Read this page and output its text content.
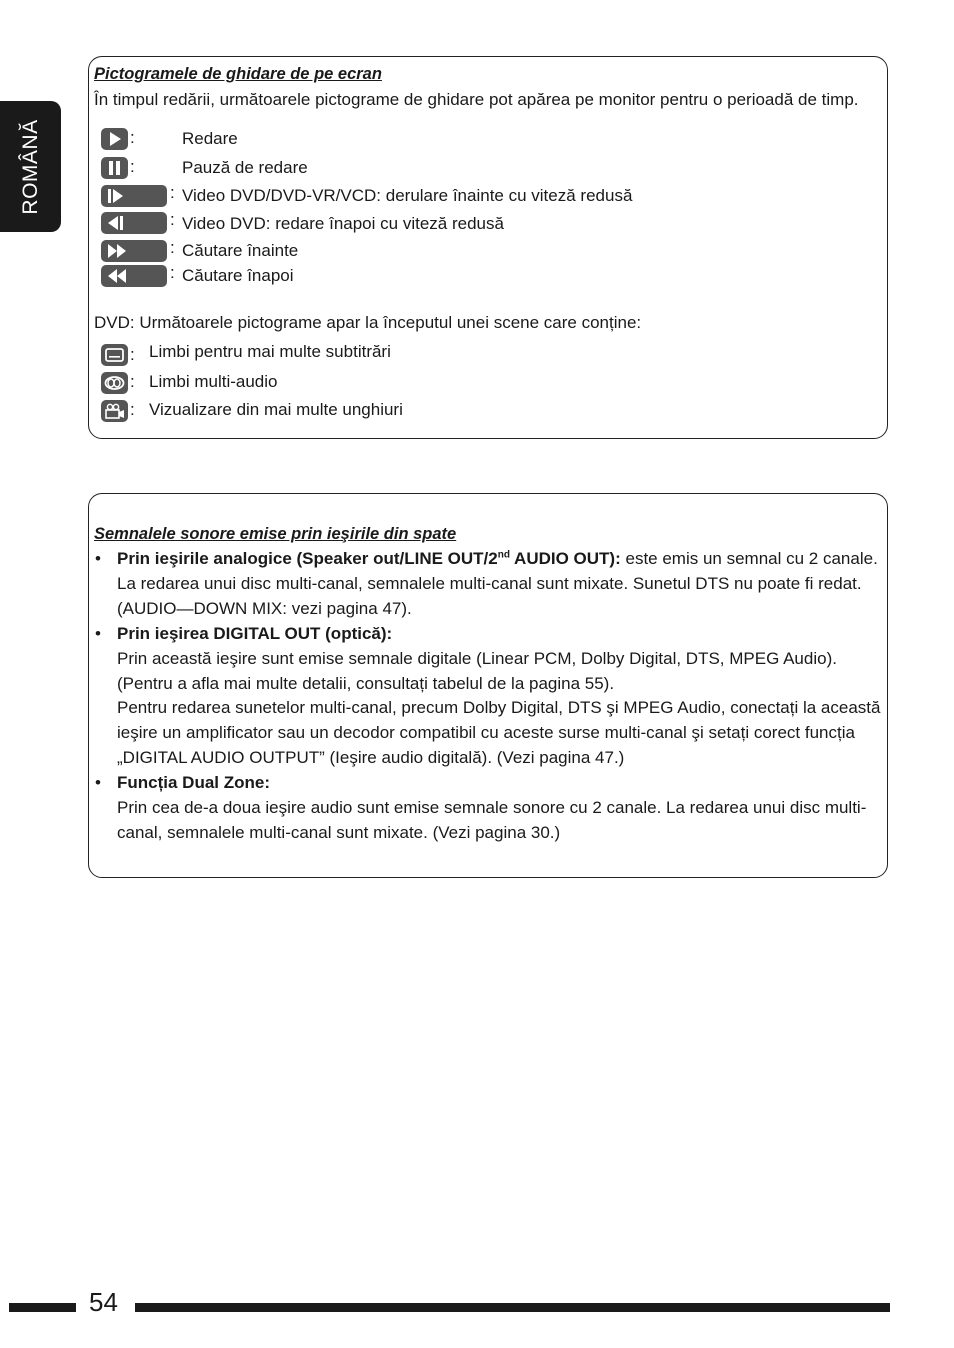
ROMÂNĂ
Pictogramele de ghidare de pe ecran
În timpul redării, următoarele pictograme de ghidare pot apărea pe monitor pentru o perioadă de timp.
:	Redare
:	Pauză de redare
: Video DVD/DVD-VR/VCD: derulare înainte cu viteză redusă
: Video DVD: redare înapoi cu viteză redusă
: Căutare înainte
: Căutare înapoi
DVD: Următoarele pictograme apar la începutul unei scene care conține:
: Limbi pentru mai multe subtitrări
: Limbi multi-audio
: Vizualizare din mai multe unghiuri
Semnalele sonore emise prin ieşirile din spate
• Prin ieşirile analogice (Speaker out/LINE OUT/2nd AUDIO OUT): este emis un semnal cu 2 canale. La redarea unui disc multi-canal, semnalele multi-canal sunt mixate. Sunetul DTS nu poate fi redat. (AUDIO—DOWN MIX: vezi pagina 47).
• Prin ieşirea DIGITAL OUT (optică):
Prin această ieşire sunt emise semnale digitale (Linear PCM, Dolby Digital, DTS, MPEG Audio). (Pentru a afla mai multe detalii, consultați tabelul de la pagina 55).
Pentru redarea sunetelor multi-canal, precum Dolby Digital, DTS şi MPEG Audio, conectați la această ieşire un amplificator sau un decodor compatibil cu aceste surse multi-canal şi setați corect funcția „DIGITAL AUDIO OUTPUT” (Ieşire audio digitală). (Vezi pagina 47.)
• Funcția Dual Zone:
Prin cea de-a doua ieşire audio sunt emise semnale sonore cu 2 canale. La redarea unui disc multi-canal, semnalele multi-canal sunt mixate. (Vezi pagina 30.)
54
